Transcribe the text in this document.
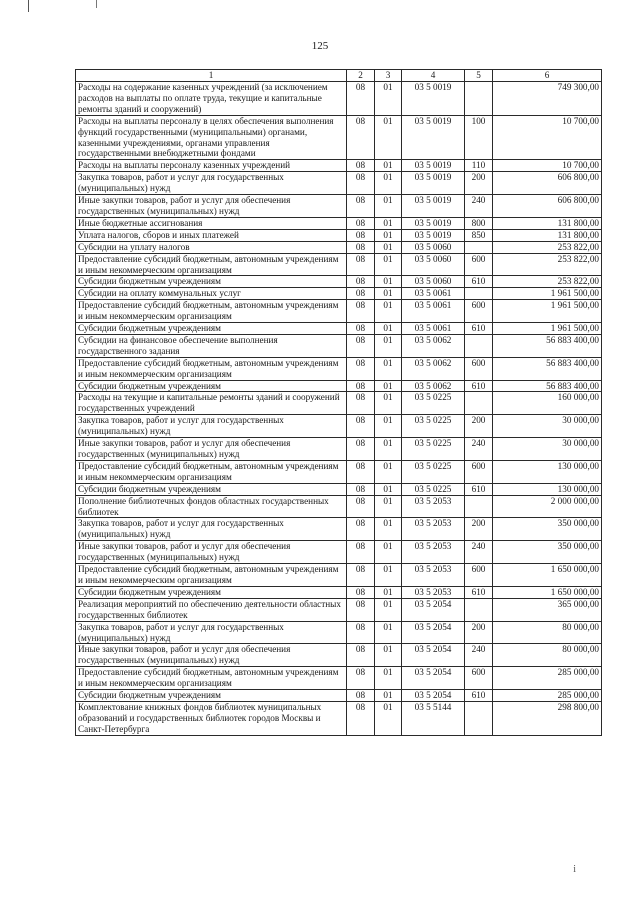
125
1	2	3	4	5	6
Расходы на содержание казенных учреждений (за исключением расходов на выплаты по оплате труда, текущие и капитальные ремонты зданий и сооружений)	08	01	03 5 0019		749 300,00
Расходы на выплаты персоналу в целях обеспечения выполнения функций государственными (муниципальными) органами, казенными учреждениями, органами управления государственными внебюджетными фондами	08	01	03 5 0019	100	10 700,00
Расходы на выплаты персоналу казенных учреждений	08	01	03 5 0019	110	10 700,00
Закупка товаров, работ и услуг для государственных (муниципальных) нужд	08	01	03 5 0019	200	606 800,00
Иные закупки товаров, работ и услуг для обеспечения государственных (муниципальных) нужд	08	01	03 5 0019	240	606 800,00
Иные бюджетные ассигнования	08	01	03 5 0019	800	131 800,00
Уплата налогов, сборов и иных платежей	08	01	03 5 0019	850	131 800,00
Субсидии на уплату налогов	08	01	03 5 0060		253 822,00
Предоставление субсидий бюджетным, автономным учреждениям и иным некоммерческим организациям	08	01	03 5 0060	600	253 822,00
Субсидии бюджетным учреждениям	08	01	03 5 0060	610	253 822,00
Субсидии на оплату коммунальных услуг	08	01	03 5 0061		1 961 500,00
Предоставление субсидий бюджетным, автономным учреждениям и иным некоммерческим организациям	08	01	03 5 0061	600	1 961 500,00
Субсидии бюджетным учреждениям	08	01	03 5 0061	610	1 961 500,00
Субсидии на финансовое обеспечение выполнения государственного задания	08	01	03 5 0062		56 883 400,00
Предоставление субсидий бюджетным, автономным учреждениям и иным некоммерческим организациям	08	01	03 5 0062	600	56 883 400,00
Субсидии бюджетным учреждениям	08	01	03 5 0062	610	56 883 400,00
Расходы на текущие и капитальные ремонты зданий и сооружений государственных учреждений	08	01	03 5 0225		160 000,00
Закупка товаров, работ и услуг для государственных (муниципальных) нужд	08	01	03 5 0225	200	30 000,00
Иные закупки товаров, работ и услуг для обеспечения государственных (муниципальных) нужд	08	01	03 5 0225	240	30 000,00
Предоставление субсидий бюджетным, автономным учреждениям и иным некоммерческим организациям	08	01	03 5 0225	600	130 000,00
Субсидии бюджетным учреждениям	08	01	03 5 0225	610	130 000,00
Пополнение библиотечных фондов областных государственных библиотек	08	01	03 5 2053		2 000 000,00
Закупка товаров, работ и услуг для государственных (муниципальных) нужд	08	01	03 5 2053	200	350 000,00
Иные закупки товаров, работ и услуг для обеспечения государственных (муниципальных) нужд	08	01	03 5 2053	240	350 000,00
Предоставление субсидий бюджетным, автономным учреждениям и иным некоммерческим организациям	08	01	03 5 2053	600	1 650 000,00
Субсидии бюджетным учреждениям	08	01	03 5 2053	610	1 650 000,00
Реализация мероприятий по обеспечению деятельности областных государственных библиотек	08	01	03 5 2054		365 000,00
Закупка товаров, работ и услуг для государственных (муниципальных) нужд	08	01	03 5 2054	200	80 000,00
Иные закупки товаров, работ и услуг для обеспечения государственных (муниципальных) нужд	08	01	03 5 2054	240	80 000,00
Предоставление субсидий бюджетным, автономным учреждениям и иным некоммерческим организациям	08	01	03 5 2054	600	285 000,00
Субсидии бюджетным учреждениям	08	01	03 5 2054	610	285 000,00
Комплектование книжных фондов библиотек муниципальных образований и государственных библиотек городов Москвы и Санкт-Петербурга	08	01	03 5 5144		298 800,00
i
